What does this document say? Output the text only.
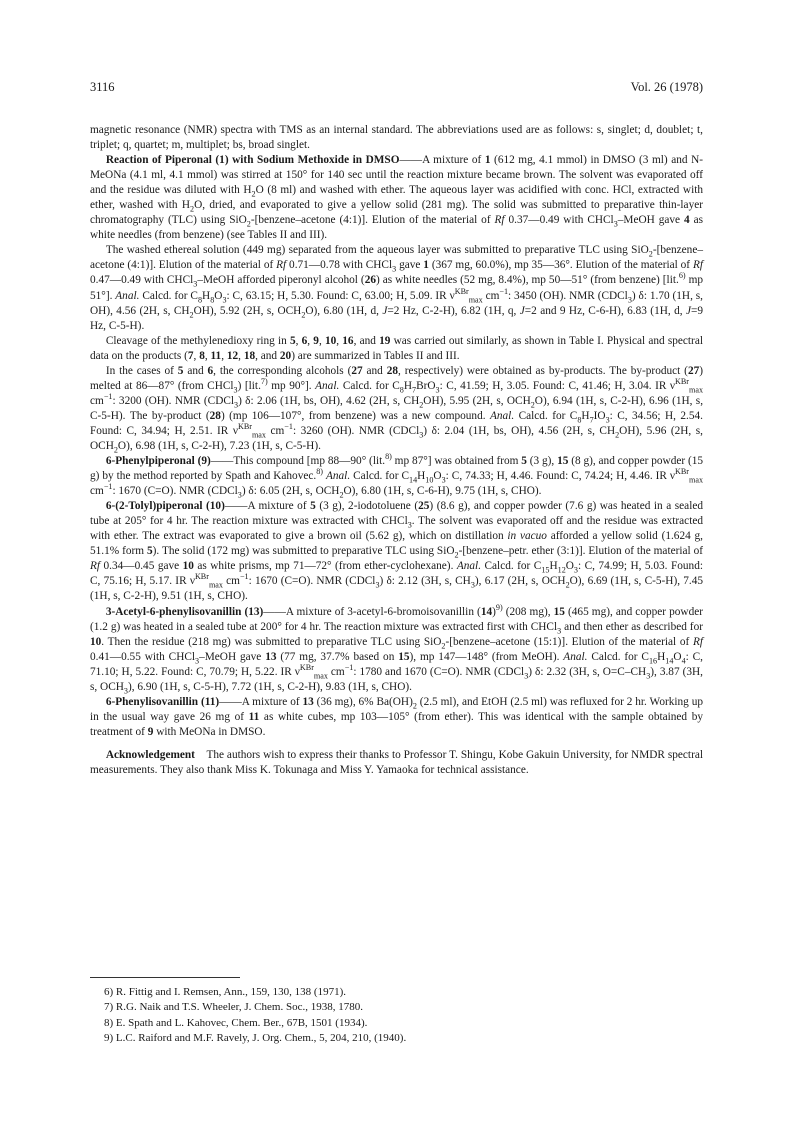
3116	Vol. 26 (1978)

magnetic resonance (NMR) spectra with TMS as an internal standard. The abbreviations used are as follows: s, singlet; d, doublet; t, triplet; q, quartet; m, multiplet; bs, broad singlet.

Reaction of Piperonal (1) with Sodium Methoxide in DMSO——A mixture of 1 (612 mg, 4.1 mmol) in DMSO (3 ml) and N-MeONa (4.1 ml, 4.1 mmol) was stirred at 150° for 140 sec until the reaction mixture became brown. The solvent was evaporated off and the residue was diluted with $H_2O$ (8 ml) and washed with ether. The aqueous layer was acidified with conc. HCl, extracted with ether, washed with $H_2O$, dried, and evaporated to give a yellow solid (281 mg). The solid was submitted to preparative thin-layer chromatography (TLC) using SiO$_2$-[benzene–acetone (4:1)]. Elution of the material of Rf 0.37—0.49 with CHCl$_3$–MeOH gave 4 as white needles (from benzene) (see Tables II and III).

The washed ethereal solution (449 mg) separated from the aqueous layer was submitted to preparative TLC using SiO$_2$-[benzene–acetone (4:1)]. Elution of the material of Rf 0.71—0.78 with CHCl$_3$ gave 1 (367 mg, 60.0%), mp 35—36°. Elution of the material of Rf 0.47—0.49 with CHCl$_3$–MeOH afforded piperonyl alcohol (26) as white needles (52 mg, 8.4%), mp 50—51° (from benzene) [lit.$^{6)}$ mp 51°]. Anal. Calcd. for $C_8H_8O_3$: C, 63.15; H, 5.30. Found: C, 63.00; H, 5.09. IR $\nu^{KBr}_{max}$ $cm^{-1}$: 3450 (OH). NMR (CDCl$_3$) δ: 1.70 (1H, s, OH), 4.56 (2H, s, $CH_2OH$), 5.92 (2H, s, $OCH_2O$), 6.80 (1H, d, J=2 Hz, C-2-H), 6.82 (1H, q, J=2 and 9 Hz, C-6-H), 6.83 (1H, d, J=9 Hz, C-5-H).

Cleavage of the methylenedioxy ring in 5, 6, 9, 10, 16, and 19 was carried out similarly, as shown in Table I. Physical and spectral data on the products (7, 8, 11, 12, 18, and 20) are summarized in Tables II and III.

In the cases of 5 and 6, the corresponding alcohols (27 and 28, respectively) were obtained as by-products. The by-product (27) melted at 86—87° (from CHCl$_3$) [lit.$^{7)}$ mp 90°]. Anal. Calcd. for $C_8H_7BrO_3$: C, 41.59; H, 3.05. Found: C, 41.46; H, 3.04. IR $\nu^{KBr}_{max}$ $cm^{-1}$: 3200 (OH). NMR (CDCl$_3$) δ: 2.06 (1H, bs, OH), 4.62 (2H, s, $CH_2OH$), 5.95 (2H, s, $OCH_2O$), 6.94 (1H, s, C-2-H), 6.96 (1H, s, C-5-H). The by-product (28) (mp 106—107°, from benzene) was a new compound. Anal. Calcd. for $C_8H_7IO_3$: C, 34.56; H, 2.54. Found: C, 34.94; H, 2.51. IR $\nu^{KBr}_{max}$ $cm^{-1}$: 3260 (OH). NMR (CDCl$_3$) δ: 2.04 (1H, bs, OH), 4.56 (2H, s, $CH_2OH$), 5.96 (2H, s, $OCH_2O$), 6.98 (1H, s, C-2-H), 7.23 (1H, s, C-5-H).

6-Phenylpiperonal (9)——This compound [mp 88—90° (lit.$^{8)}$ mp 87°] was obtained from 5 (3 g), 15 (8 g), and copper powder (15 g) by the method reported by Spath and Kahovec.$^{8)}$ Anal. Calcd. for $C_{14}H_{10}O_3$: C, 74.33; H, 4.46. Found: C, 74.24; H, 4.46. IR $\nu^{KBr}_{max}$ $cm^{-1}$: 1670 (C=O). NMR (CDCl$_3$) δ: 6.05 (2H, s, $OCH_2O$), 6.80 (1H, s, C-6-H), 9.75 (1H, s, CHO).

6-(2-Tolyl)piperonal (10)——A mixture of 5 (3 g), 2-iodotoluene (25) (8.6 g), and copper powder (7.6 g) was heated in a sealed tube at 205° for 4 hr. The reaction mixture was extracted with CHCl$_3$. The solvent was evaporated off and the residue was extracted with ether. The extract was evaporated to give a brown oil (5.62 g), which on distillation in vacuo afforded a yellow solid (1.624 g, 51.1% form 5). The solid (172 mg) was submitted to preparative TLC using SiO$_2$-[benzene–petr. ether (3:1)]. Elution of the material of Rf 0.34—0.45 gave 10 as white prisms, mp 71—72° (from ether-cyclohexane). Anal. Calcd. for $C_{15}H_{12}O_3$: C, 74.99; H, 5.03. Found: C, 75.16; H, 5.17. IR $\nu^{KBr}_{max}$ $cm^{-1}$: 1670 (C=O). NMR (CDCl$_3$) δ: 2.12 (3H, s, $CH_3$), 6.17 (2H, s, $OCH_2O$), 6.69 (1H, s, C-5-H), 7.45 (1H, s, C-2-H), 9.51 (1H, s, CHO).

3-Acetyl-6-phenylisovanillin (13)——A mixture of 3-acetyl-6-bromoisovanillin $(14)^{9)}$ (208 mg), 15 (465 mg), and copper powder (1.2 g) was heated in a sealed tube at 200° for 4 hr. The reaction mixture was extracted first with CHCl$_3$ and then ether as described for 10. Then the residue (218 mg) was submitted to preparative TLC using SiO$_2$-[benzene–acetone (15:1)]. Elution of the material of Rf 0.41—0.55 with CHCl$_3$–MeOH gave 13 (77 mg, 37.7% based on 15), mp 147—148° (from MeOH). Anal. Calcd. for $C_{16}H_{14}O_4$: C, 71.10; H, 5.22. Found: C, 70.79; H, 5.22. IR $\nu^{KBr}_{max}$ $cm^{-1}$: 1780 and 1670 (C=O). NMR (CDCl$_3$) δ: 2.32 (3H, s, $O=C-CH_3$), 3.87 (3H, s, $OCH_3$), 6.90 (1H, s, C-5-H), 7.72 (1H, s, C-2-H), 9.83 (1H, s, CHO).

6-Phenylisovanillin (11)——A mixture of 13 (36 mg), 6% $Ba(OH)_2$ (2.5 ml), and EtOH (2.5 ml) was refluxed for 2 hr. Working up in the usual way gave 26 mg of 11 as white cubes, mp 103—105° (from ether). This was identical with the sample obtained by treatment of 9 with MeONa in DMSO.

Acknowledgement    The authors wish to express their thanks to Professor T. Shingu, Kobe Gakuin University, for NMDR spectral measurements. They also thank Miss K. Tokunaga and Miss Y. Yamaoka for technical assistance.

6) R. Fittig and I. Remsen, Ann., 159, 130, 138 (1971).
7) R.G. Naik and T.S. Wheeler, J. Chem. Soc., 1938, 1780.
8) E. Spath and L. Kahovec, Chem. Ber., 67B, 1501 (1934).
9) L.C. Raiford and M.F. Ravely, J. Org. Chem., 5, 204, 210, (1940).
